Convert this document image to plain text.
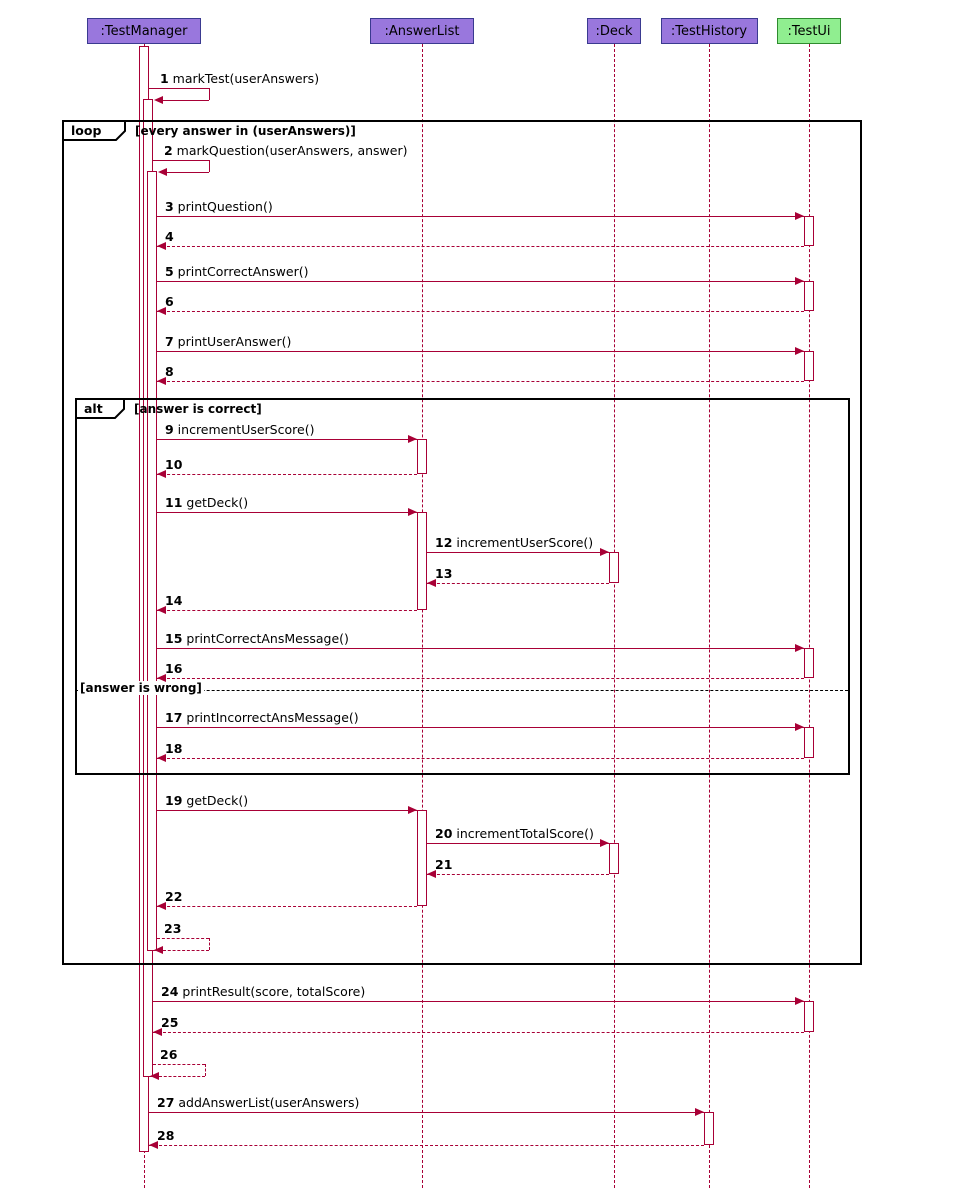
:TestManager	:AnswerList	:Deck	:TestHistory	:TestUi
loop	[every answer in (userAnswers)]
alt	[answer is correct]
[answer is wrong]
1 markTest(userAnswers)
2 markQuestion(userAnswers, answer)
3 printQuestion()
4
5 printCorrectAnswer()
6
7 printUserAnswer()
8
9 incrementUserScore()
10
11 getDeck()
12 incrementUserScore()
13
14
15 printCorrectAnsMessage()
16
17 printIncorrectAnsMessage()
18
19 getDeck()
20 incrementTotalScore()
21
22
23
24 printResult(score, totalScore)
25
26
27 addAnswerList(userAnswers)
28
